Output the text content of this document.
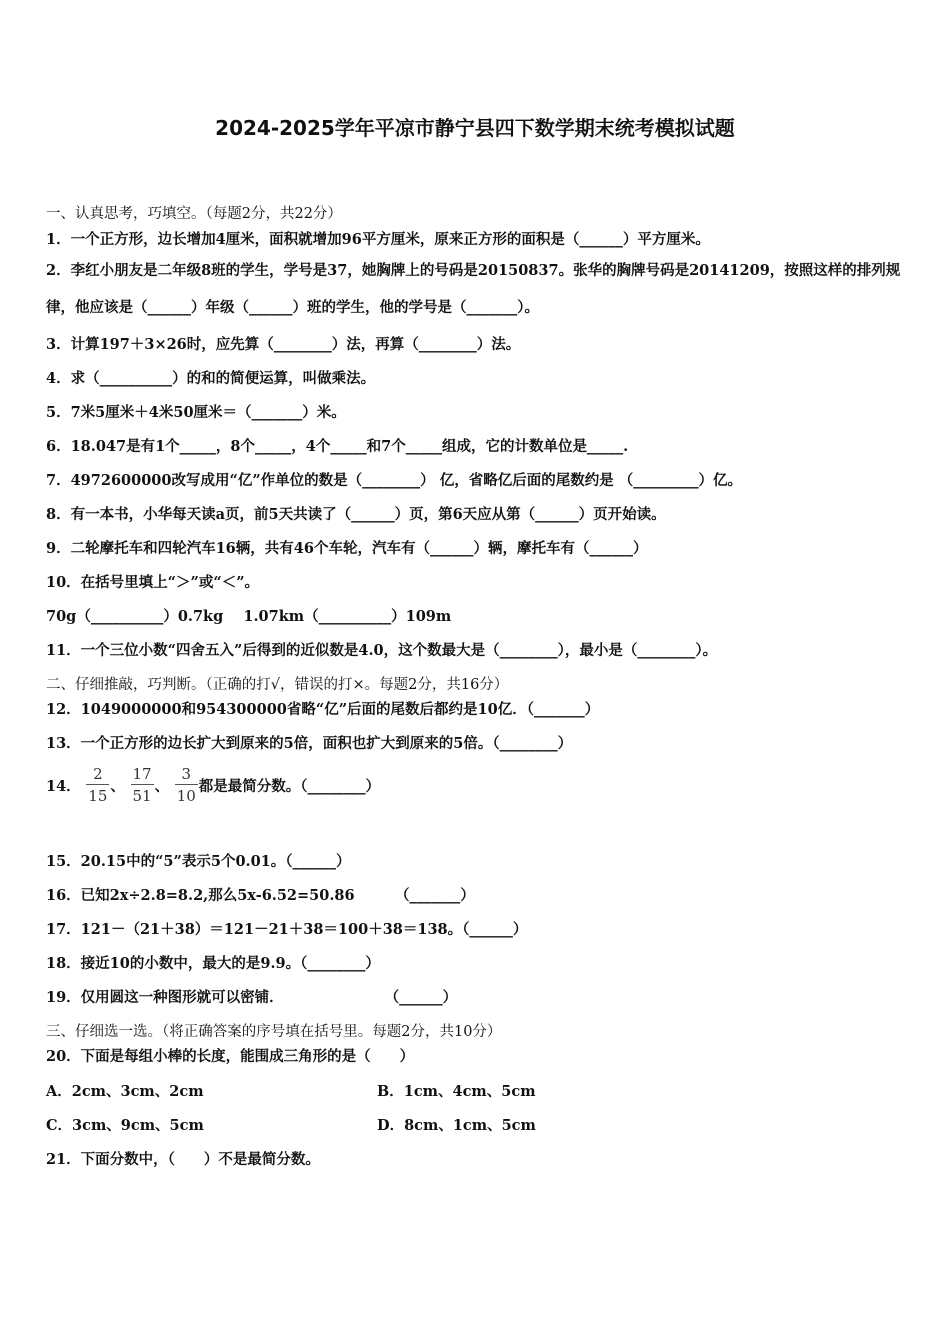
2024-2025学年平凉市静宁县四下数学期末统考模拟试题
一、认真思考，巧填空。（每题2分，共22分）
1．一个正方形，边长增加4厘米，面积就增加96平方厘米，原来正方形的面积是（______）平方厘米。
2．李红小朋友是二年级8班的学生，学号是37，她胸牌上的号码是20150837。张华的胸牌号码是20141209，按照这样的排列规律，他应该是（______）年级（______）班的学生，他的学号是（_______）。
3．计算197＋3×26时，应先算（________）法，再算（________）法。
4．求（__________）的和的简便运算，叫做乘法。
5．7米5厘米＋4米50厘米＝（_______）米。
6．18.047是有1个_____，8个_____，4个_____和7个_____组成，它的计数单位是_____.
7．4972600000改写成用“亿”作单位的数是（________） 亿，省略亿后面的尾数约是 （_________）亿。
8．有一本书，小华每天读a页，前5天共读了（______）页，第6天应从第（______）页开始读。
9．二轮摩托车和四轮汽车16辆，共有46个车轮，汽车有（______）辆，摩托车有（______）
10．在括号里填上“＞”或“＜”。
70g（__________）0.7kg    1.07km（__________）109m
11．一个三位小数“四舍五入”后得到的近似数是4.0，这个数最大是（________），最小是（________）。
二、仔细推敲，巧判断。（正确的打√，错误的打×。每题2分，共16分）
12．1049000000和954300000省略“亿”后面的尾数后都约是10亿．（_______）
13．一个正方形的边长扩大到原来的5倍，面积也扩大到原来的5倍。（________）
14． $\frac{2}{15}$ 、 $\frac{17}{51}$ 、 $\frac{3}{10}$ 都是最简分数。（________）
15．20.15中的“5”表示5个0.01。（______）
16．已知2x÷2.8=8.2,那么5x-6.52=50.86        （_______）
17．121－（21＋38）＝121－21＋38＝100＋38＝138。（______）
18．接近10的小数中，最大的是9.9。（________）
19．仅用圆这一种图形就可以密铺．                    （______）
三、仔细选一选。（将正确答案的序号填在括号里。每题2分，共10分）
20．下面是每组小棒的长度，能围成三角形的是（　　）
A．2cm、3cm、2cm	B．1cm、4cm、5cm
C．3cm、9cm、5cm	D．8cm、1cm、5cm
21．下面分数中，（　　）不是最简分数。
